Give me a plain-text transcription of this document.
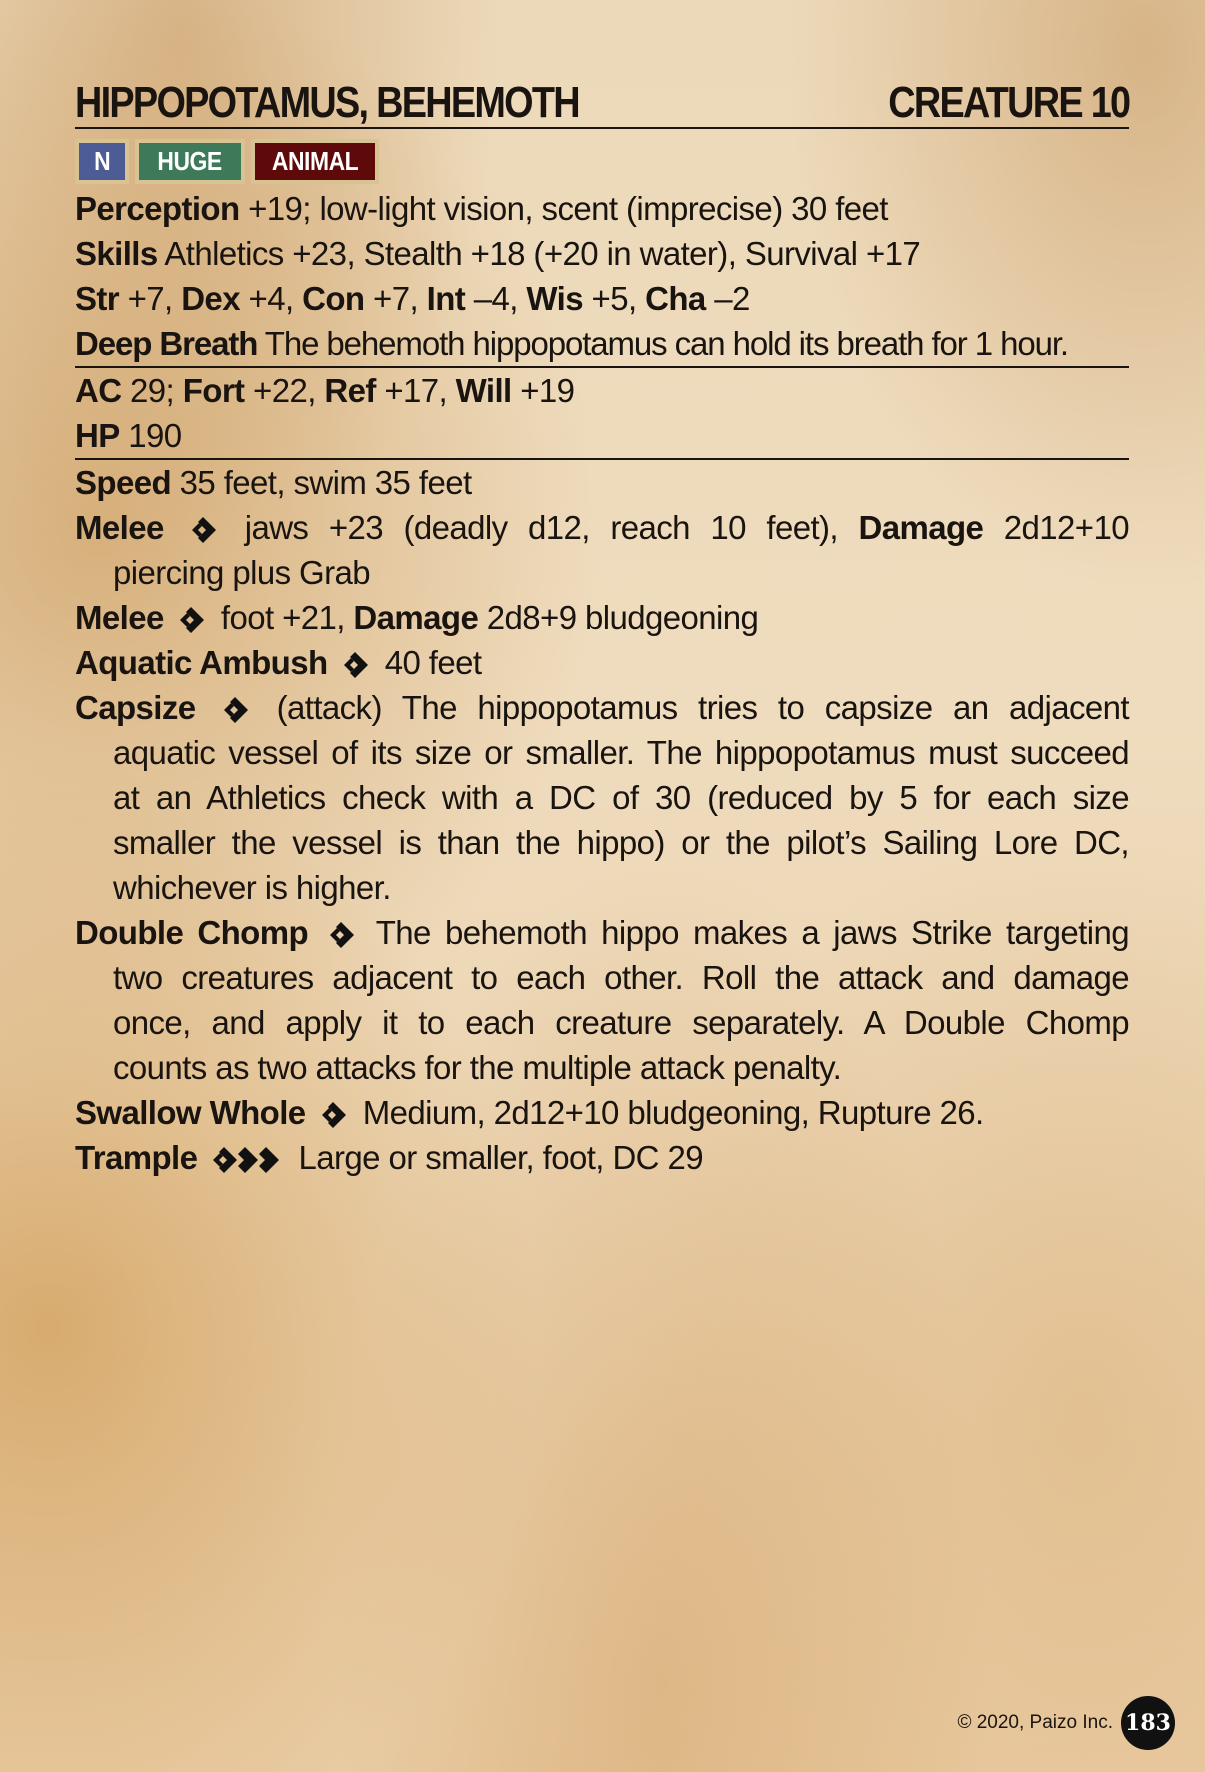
HIPPOPOTAMUS, BEHEMOTH	CREATURE 10
N HUGE ANIMAL
Perception +19; low-light vision, scent (imprecise) 30 feet
Skills Athletics +23, Stealth +18 (+20 in water), Survival +17
Str +7, Dex +4, Con +7, Int –4, Wis +5, Cha –2
Deep Breath The behemoth hippopotamus can hold its breath for 1 hour.
AC 29; Fort +22, Ref +17, Will +19
HP 190
Speed 35 feet, swim 35 feet
Melee jaws +23 (deadly d12, reach 10 feet), Damage 2d12+10
piercing plus Grab
Melee foot +21, Damage 2d8+9 bludgeoning
Aquatic Ambush 40 feet
Capsize (attack) The hippopotamus tries to capsize an adjacent
aquatic vessel of its size or smaller. The hippopotamus must succeed
at an Athletics check with a DC of 30 (reduced by 5 for each size
smaller the vessel is than the hippo) or the pilot’s Sailing Lore DC,
whichever is higher.
Double Chomp The behemoth hippo makes a jaws Strike targeting
two creatures adjacent to each other. Roll the attack and damage
once, and apply it to each creature separately. A Double Chomp
counts as two attacks for the multiple attack penalty.
Swallow Whole Medium, 2d12+10 bludgeoning, Rupture 26.
Trample	Large or smaller, foot, DC 29
© 2020, Paizo Inc. 183
